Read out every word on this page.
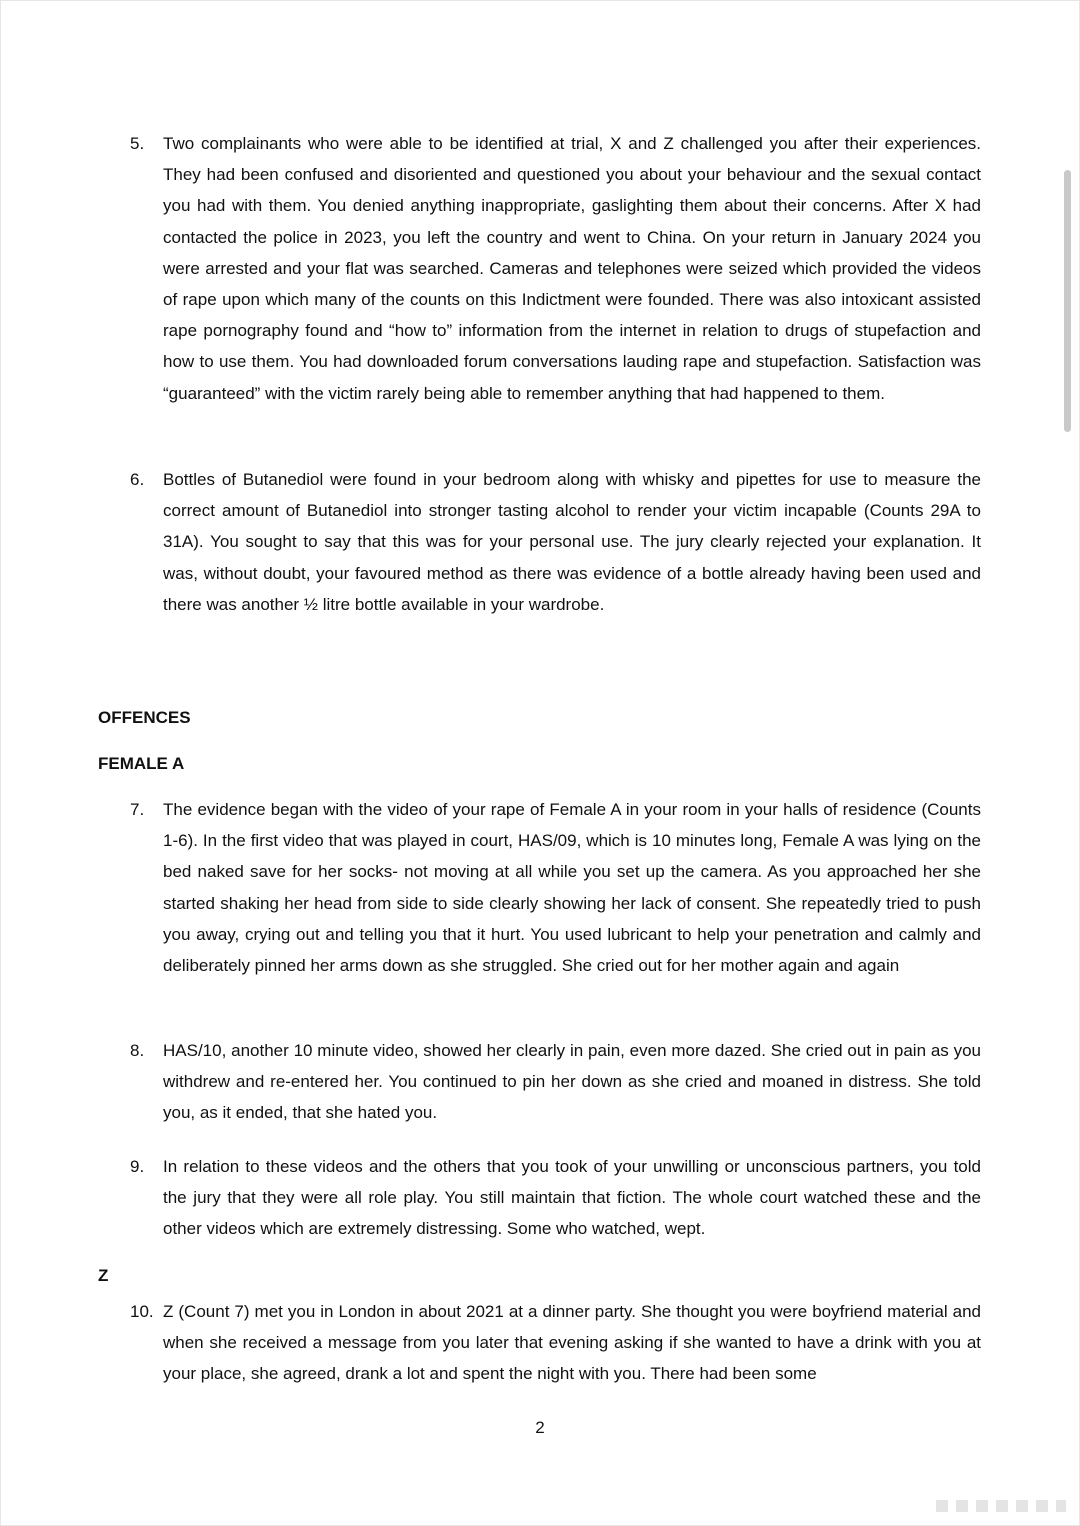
5.	Two complainants who were able to be identified at trial, X and Z challenged you after their experiences. They had been confused and disoriented and questioned you about your behaviour and the sexual contact you had with them. You denied anything inappropriate, gaslighting them about their concerns. After X had contacted the police in 2023, you left the country and went to China. On your return in January 2024 you were arrested and your flat was searched. Cameras and telephones were seized which provided the videos of rape upon which many of the counts on this Indictment were founded. There was also intoxicant assisted rape pornography found and “how to” information from the internet in relation to drugs of stupefaction and how to use them. You had downloaded forum conversations lauding rape and stupefaction. Satisfaction was “guaranteed” with the victim rarely being able to remember anything that had happened to them.
6.	Bottles of Butanediol were found in your bedroom along with whisky and pipettes for use to measure the correct amount of Butanediol into stronger tasting alcohol to render your victim incapable (Counts 29A to 31A). You sought to say that this was for your personal use. The jury clearly rejected your explanation. It was, without doubt, your favoured method as there was evidence of a bottle already having been used and there was another ½ litre bottle available in your wardrobe.
OFFENCES
FEMALE A
7.	The evidence began with the video of your rape of Female A in your room in your halls of residence (Counts 1-6). In the first video that was played in court, HAS/09, which is 10 minutes long, Female A was lying on the bed naked save for her socks- not moving at all while you set up the camera. As you approached her she started shaking her head from side to side clearly showing her lack of consent. She repeatedly tried to push you away, crying out and telling you that it hurt. You used lubricant to help your penetration and calmly and deliberately pinned her arms down as she struggled. She cried out for her mother again and again
8.	HAS/10, another 10 minute video, showed her clearly in pain, even more dazed. She cried out in pain as you withdrew and re-entered her. You continued to pin her down as she cried and moaned in distress. She told you, as it ended, that she hated you.
9.	In relation to these videos and the others that you took of your unwilling or unconscious partners, you told the jury that they were all role play. You still maintain that fiction. The whole court watched these and the other videos which are extremely distressing. Some who watched, wept.
Z
10. Z (Count 7) met you in London in about 2021 at a dinner party. She thought you were boyfriend material and when she received a message from you later that evening asking if she wanted to have a drink with you at your place, she agreed, drank a lot and spent the night with you. There had been some
2
